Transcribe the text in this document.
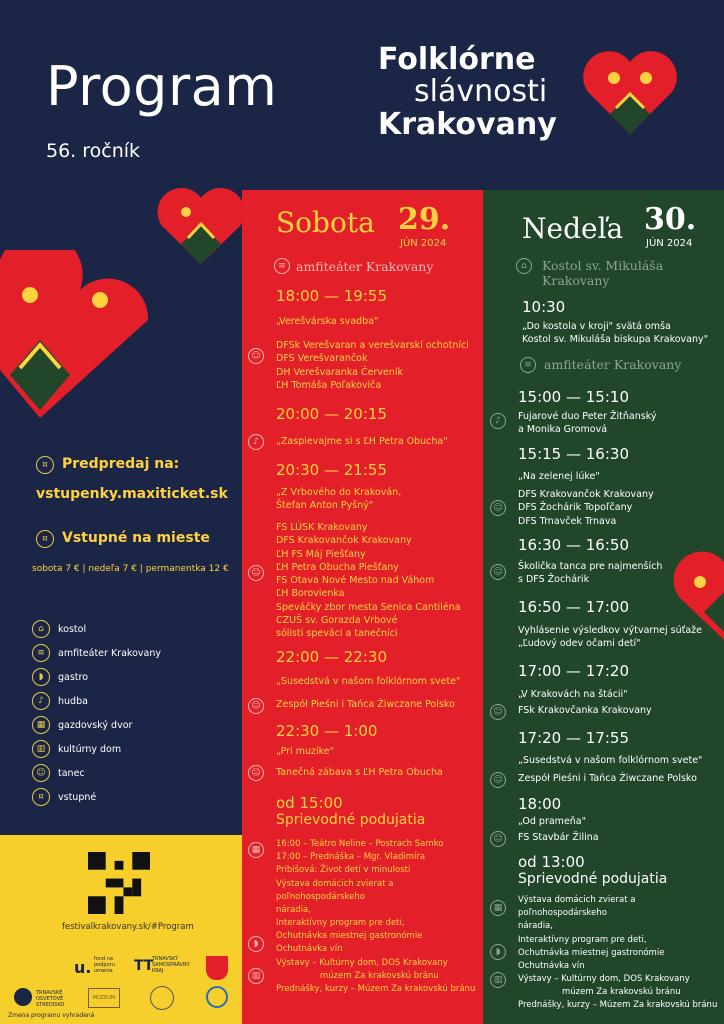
Program
56. ročník
Folklórne
slávnosti
Krakovany
¤	Predpredaj na:
vstupenky.maxiticket.sk
¤	Vstupné na mieste
sobota 7 € | nedeľa 7 € | permanentka 12 €
⌂	kostol
≡	amfiteáter Krakovany
◗	gastro
♪	hudba
▦	gazdovský dvor
▥	kultúrny dom
☺	tanec
¤	vstupné
festivalkrakovany.sk/#Program
u. fond na podporu umenia	TT
TRNAVSKÝ SAMOSPRÁVNY KRAJ
TRNAVSKÉ OSVETOVÉ STREDISKO
MÚZEUM
Zmena programu vyhradená
Sobota 29.
JÚN 2024
≡ amfiteáter Krakovany
18:00 — 19:55
„Verešvárska svadba"
☺
DFSk Verešvaran a verešvarskí ochotníci
DFS Verešvarančok
DH Verešvaranka Červeník
ĽH Tomáša Poľakoviča
20:00 — 20:15
♪	„Zaspievajme si s ĽH Petra Obucha"
20:30 — 21:55
„Z Vrbového do Krakován,
Štefan Anton Pyšný"
☺
FS LÚSK Krakovany
DFS Krakovančok Krakovany
ĽH FS Máj Piešťany
ĽH Petra Obucha Piešťany
FS Otava Nové Mesto nad Váhom
ĽH Borovienka
Speváčky zbor mesta Senica Cantiléna
CZUŠ sv. Gorazda Vrbové
sólisti speváci a tanečníci
22:00 — 22:30
„Susedstvá v našom folklórnom svete"
☺	Zespół Pieśni i Tańca Żiwczane Polsko
22:30 — 1:00
„Pri muzike"
☺	Tanečná zábava s ĽH Petra Obucha
od 15:00
Sprievodné podujatia
▦
◗
▥
16:00 – Teátro Neline – Postrach Samko
17:00 – Prednáška – Mgr. Vladimíra
Pribišová: Život detí v minulosti
Výstava domácich zvierat a poľnohospodárskeho
náradia,
Interaktívny program pre deti,
Ochutnávka miestnej gastronómie
Ochutnávka vín
Výstavy – Kultúrny dom, DOS Krakovany
múzem Za krakovskú bránu
Prednášky, kurzy – Múzem Za krakovskú bránu
Nedeľa 30.
JÚN 2024
⌂	Kostol sv. Mikuláša
Krakovany
10:30
„Do kostola v kroji" svätá omša
Kostol sv. Mikuláša biskupa Krakovany"
≡ amfiteáter Krakovany
15:00 — 15:10
♪	Fujarové duo Peter Žitňanský
a Monika Gromová
15:15 — 16:30
„Na zelenej lúke"
☺
DFS Krakovančok Krakovany
DFS Žochárik Topoľčany
DFS Trnavček Trnava
16:30 — 16:50
☺	Školička tanca pre najmenších
s DFS Žochárik
16:50 — 17:00
Vyhlásenie výsledkov výtvarnej súťaže
„Ľudový odev očami detí"
17:00 — 17:20
„V Krakovách na štácii"
☺	FSk Krakovčanka Krakovany
17:20 — 17:55
„Susedstvá v našom folklórnom svete"
☺	Zespół Pieśni i Tańca Żiwczane Polsko
18:00
„Od prameňa"
☺	FS Stavbár Žilina
od 13:00
Sprievodné podujatia
▦
◗
▥
Výstava domácich zvierat a poľnohospodárskeho
náradia,
Interaktívny program pre deti,
Ochutnávka miestnej gastronómie
Ochutnávka vín
Výstavy – Kultúrny dom, DOS Krakovany
múzem Za krakovskú bránu
Prednášky, kurzy – Múzem Za krakovskú bránu
